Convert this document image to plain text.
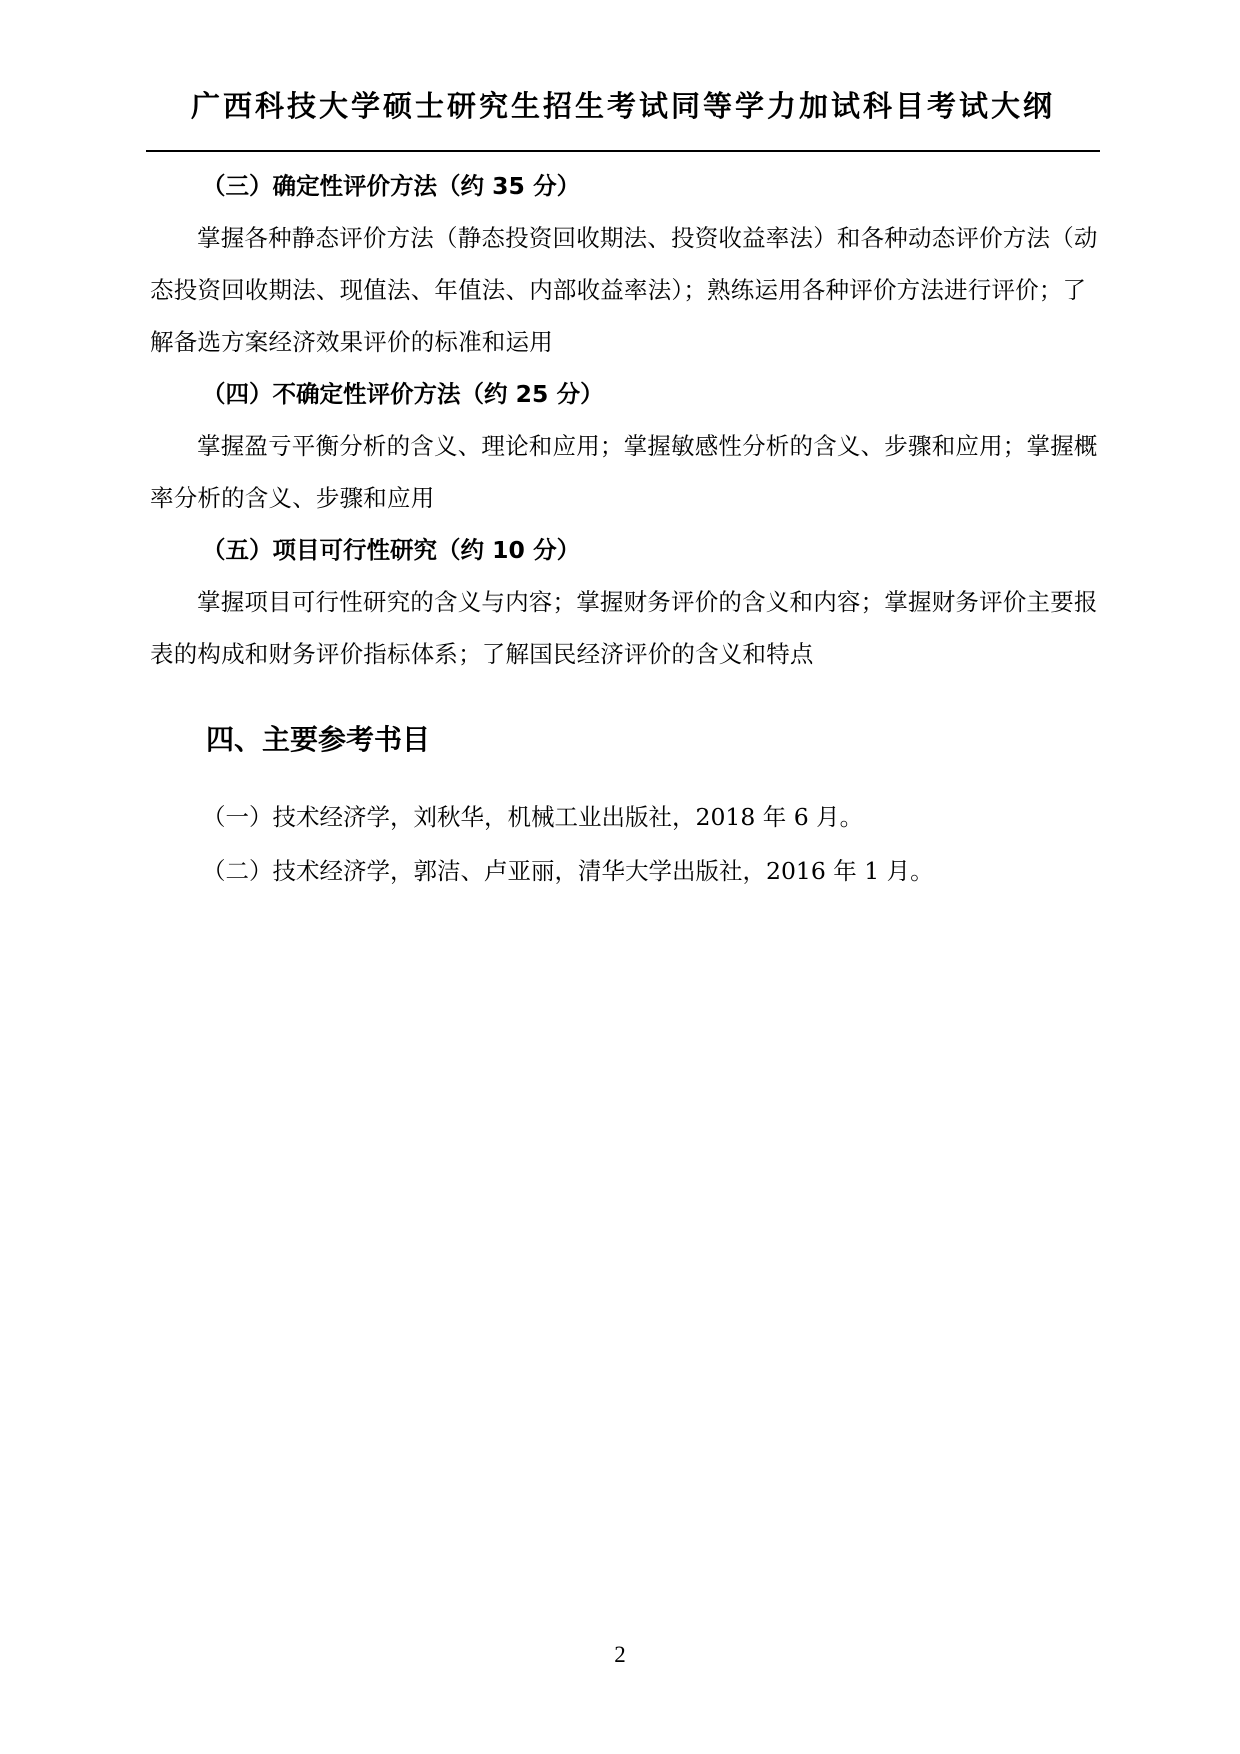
广西科技大学硕士研究生招生考试同等学力加试科目考试大纲

（三）确定性评价方法（约 35 分）

掌握各种静态评价方法（静态投资回收期法、投资收益率法）和各种动态评价方法（动态投资回收期法、现值法、年值法、内部收益率法）；熟练运用各种评价方法进行评价；了解备选方案经济效果评价的标准和运用

（四）不确定性评价方法（约 25 分）

掌握盈亏平衡分析的含义、理论和应用；掌握敏感性分析的含义、步骤和应用；掌握概率分析的含义、步骤和应用

（五）项目可行性研究（约 10 分）

掌握项目可行性研究的含义与内容；掌握财务评价的含义和内容；掌握财务评价主要报表的构成和财务评价指标体系；了解国民经济评价的含义和特点

四、主要参考书目

（一）技术经济学，刘秋华，机械工业出版社，2018 年 6 月。

（二）技术经济学，郭洁、卢亚丽，清华大学出版社，2016 年 1 月。

2
